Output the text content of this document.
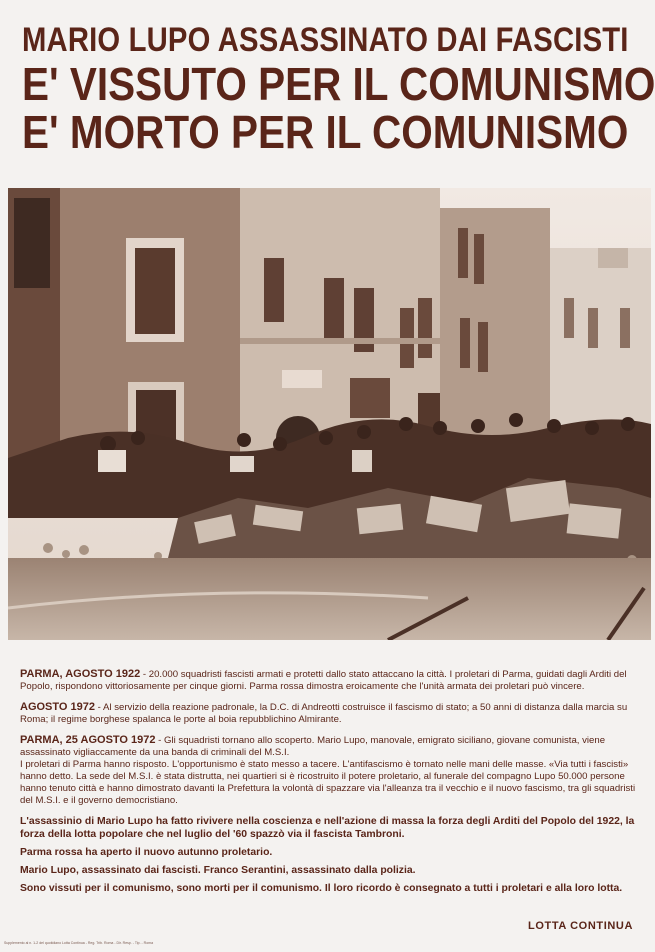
MARIO LUPO ASSASSINATO DAI FASCISTI
E' VISSUTO PER IL COMUNISMO
E' MORTO PER IL COMUNISMO

PARMA, AGOSTO 1922 - 20.000 squadristi fascisti armati e protetti dallo stato attaccano la città. I proletari di Parma, guidati dagli Arditi del Popolo, rispondono vittoriosamente per cinque giorni. Parma rossa dimostra eroicamente che l'unità armata dei proletari può vincere.

AGOSTO 1972 - Al servizio della reazione padronale, la D.C. di Andreotti costruisce il fascismo di stato; a 50 anni di distanza dalla marcia su Roma; il regime borghese spalanca le porte al boia repubblichino Almirante.

PARMA, 25 AGOSTO 1972 - Gli squadristi tornano allo scoperto. Mario Lupo, manovale, emigrato siciliano, giovane comunista, viene assassinato vigliaccamente da una banda di criminali del M.S.I.
I proletari di Parma hanno risposto. L'opportunismo è stato messo a tacere. L'antifascismo è tornato nelle mani delle masse. «Via tutti i fascisti» hanno detto. La sede del M.S.I. è stata distrutta, nei quartieri si è ricostruito il potere proletario, al funerale del compagno Lupo 50.000 persone hanno tenuto città e hanno dimostrato davanti la Prefettura la volontà di spazzare via l'alleanza tra il vecchio e il nuovo fascismo, tra gli squadristi del M.S.I. e il governo democristiano.

L'assassinio di Mario Lupo ha fatto rivivere nella coscienza e nell'azione di massa la forza degli Arditi del Popolo del 1922, la forza della lotta popolare che nel luglio del '60 spazzò via il fascista Tambroni.

Parma rossa ha aperto il nuovo autunno proletario.

Mario Lupo, assassinato dai fascisti. Franco Serantini, assassinato dalla polizia.

Sono vissuti per il comunismo, sono morti per il comunismo. Il loro ricordo è consegnato a tutti i proletari e alla loro lotta.

LOTTA CONTINUA
Supplemento al n. 1-2 del quotidiano Lotta Continua - Reg. Trib. Roma - Dir. Resp. - Tip. - Roma
